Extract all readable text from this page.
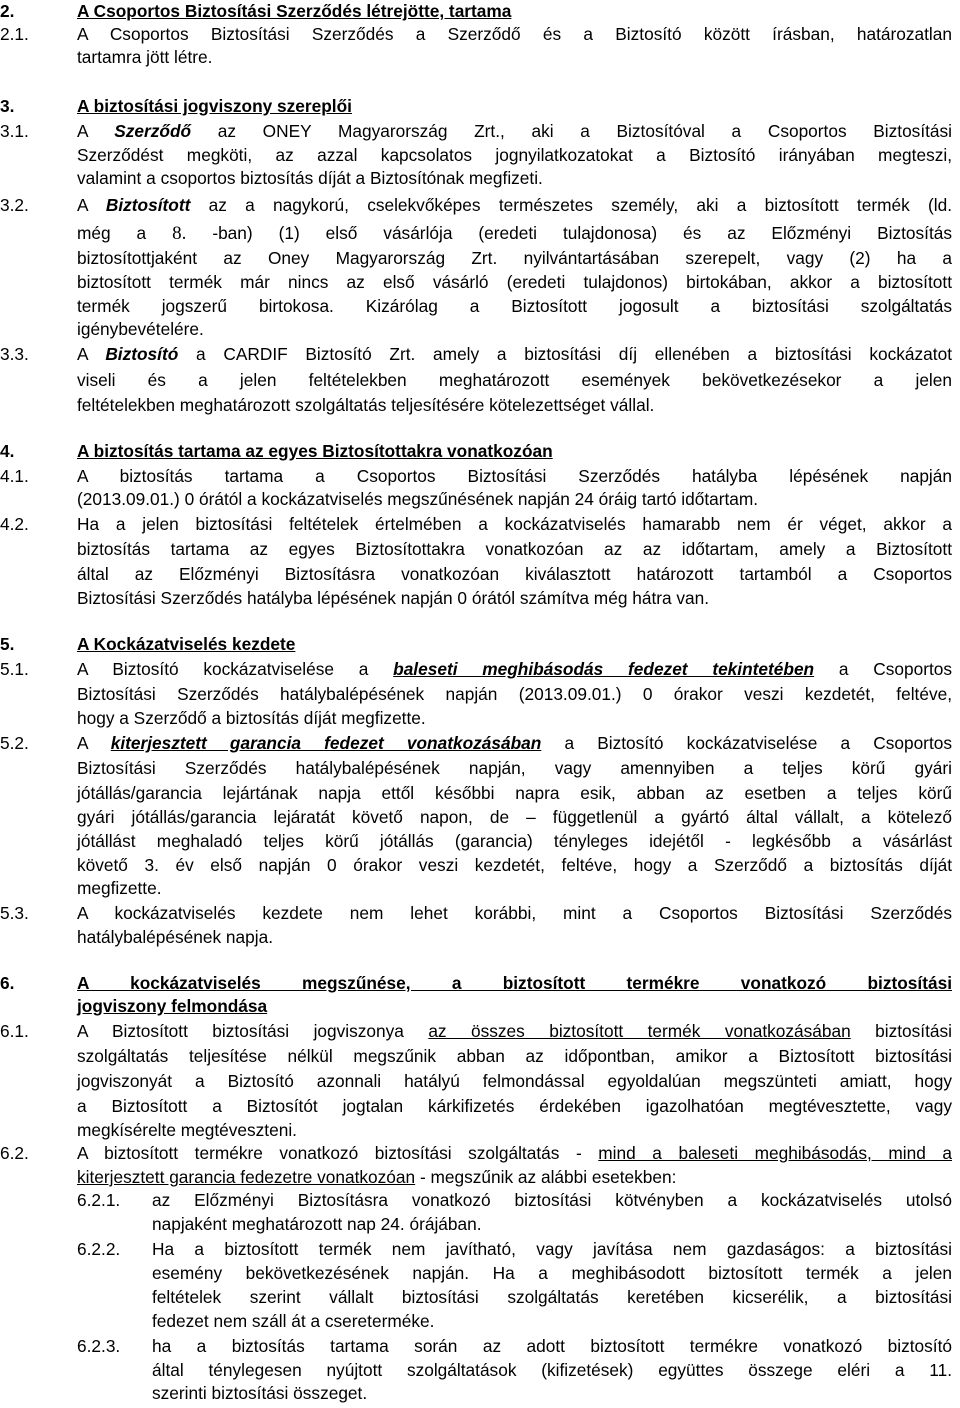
2.	A Csoportos Biztosítási Szerződés létrejötte, tartama
2.1.	A Csoportos Biztosítási Szerződés a Szerződő és a Biztosító között írásban, határozatlan
tartamra jött létre.
3.	A biztosítási jogviszony szereplői
3.1.	A Szerződő az ONEY Magyarország Zrt., aki a Biztosítóval a Csoportos Biztosítási
Szerződést megköti, az azzal kapcsolatos jognyilatkozatokat a Biztosító irányában megteszi,
valamint a csoportos biztosítás díját a Biztosítónak megfizeti.
3.2.	A Biztosított az a nagykorú, cselekvőképes természetes személy, aki a biztosított termék (ld.
még a 8. -ban) (1) első vásárlója (eredeti tulajdonosa) és az Előzményi Biztosítás
biztosítottjaként az Oney Magyarország Zrt. nyilvántartásában szerepelt, vagy (2) ha a
biztosított termék már nincs az első vásárló (eredeti tulajdonos) birtokában, akkor a biztosított
termék jogszerű birtokosa. Kizárólag a Biztosított jogosult a biztosítási szolgáltatás
igénybevételére.
3.3.	A Biztosító a CARDIF Biztosító Zrt. amely a biztosítási díj ellenében a biztosítási kockázatot
viseli és a jelen feltételekben meghatározott események bekövetkezésekor a jelen
feltételekben meghatározott szolgáltatás teljesítésére kötelezettséget vállal.
4.	A biztosítás tartama az egyes Biztosítottakra vonatkozóan
4.1.	A biztosítás tartama a Csoportos Biztosítási Szerződés hatályba lépésének napján
(2013.09.01.) 0 órától a kockázatviselés megszűnésének napján 24 óráig tartó időtartam.
4.2.	Ha a jelen biztosítási feltételek értelmében a kockázatviselés hamarabb nem ér véget, akkor a
biztosítás tartama az egyes Biztosítottakra vonatkozóan az az időtartam, amely a Biztosított
által az Előzményi Biztosításra vonatkozóan kiválasztott határozott tartamból a Csoportos
Biztosítási Szerződés hatályba lépésének napján 0 órától számítva még hátra van.
5.	A Kockázatviselés kezdete
5.1.	A Biztosító kockázatviselése a baleseti meghibásodás fedezet tekintetében a Csoportos
Biztosítási Szerződés hatálybalépésének napján (2013.09.01.) 0 órakor veszi kezdetét, feltéve,
hogy a Szerződő a biztosítás díját megfizette.
5.2.	A kiterjesztett garancia fedezet vonatkozásában a Biztosító kockázatviselése a Csoportos
Biztosítási Szerződés hatálybalépésének napján, vagy amennyiben a teljes körű gyári
jótállás/garancia lejártának napja ettől későbbi napra esik, abban az esetben a teljes körű
gyári jótállás/garancia lejáratát követő napon, de – függetlenül a gyártó által vállalt, a kötelező
jótállást meghaladó teljes körű jótállás (garancia) tényleges idejétől - legkésőbb a vásárlást
követő 3. év első napján 0 órakor veszi kezdetét, feltéve, hogy a Szerződő a biztosítás díját
megfizette.
5.3.	A kockázatviselés kezdete nem lehet korábbi, mint a Csoportos Biztosítási Szerződés
hatálybalépésének napja.
6.	A kockázatviselés megszűnése, a biztosított termékre vonatkozó biztosítási
jogviszony felmondása
6.1.	A Biztosított biztosítási jogviszonya az összes biztosított termék vonatkozásában biztosítási
szolgáltatás teljesítése nélkül megszűnik abban az időpontban, amikor a Biztosított biztosítási
jogviszonyát a Biztosító azonnali hatályú felmondással egyoldalúan megszünteti amiatt, hogy
a Biztosított a Biztosítót jogtalan kárkifizetés érdekében igazolhatóan megtévesztette, vagy
megkísérelte megtéveszteni.
6.2.	A biztosított termékre vonatkozó biztosítási szolgáltatás - mind a baleseti meghibásodás, mind a
kiterjesztett garancia fedezetre vonatkozóan - megszűnik az alábbi esetekben:
6.2.1. az Előzményi Biztosításra vonatkozó biztosítási kötvényben a kockázatviselés utolsó
napjaként meghatározott nap 24. órájában.
6.2.2. Ha a biztosított termék nem javítható, vagy javítása nem gazdaságos: a biztosítási
esemény bekövetkezésének napján. Ha a meghibásodott biztosított termék a jelen
feltételek szerint vállalt biztosítási szolgáltatás keretében kicserélik, a biztosítási
fedezet nem száll át a csereterméke.
6.2.3. ha a biztosítás tartama során az adott biztosított termékre vonatkozó biztosító
által ténylegesen nyújtott szolgáltatások (kifizetések) együttes összege eléri a 11.
szerinti biztosítási összeget.
